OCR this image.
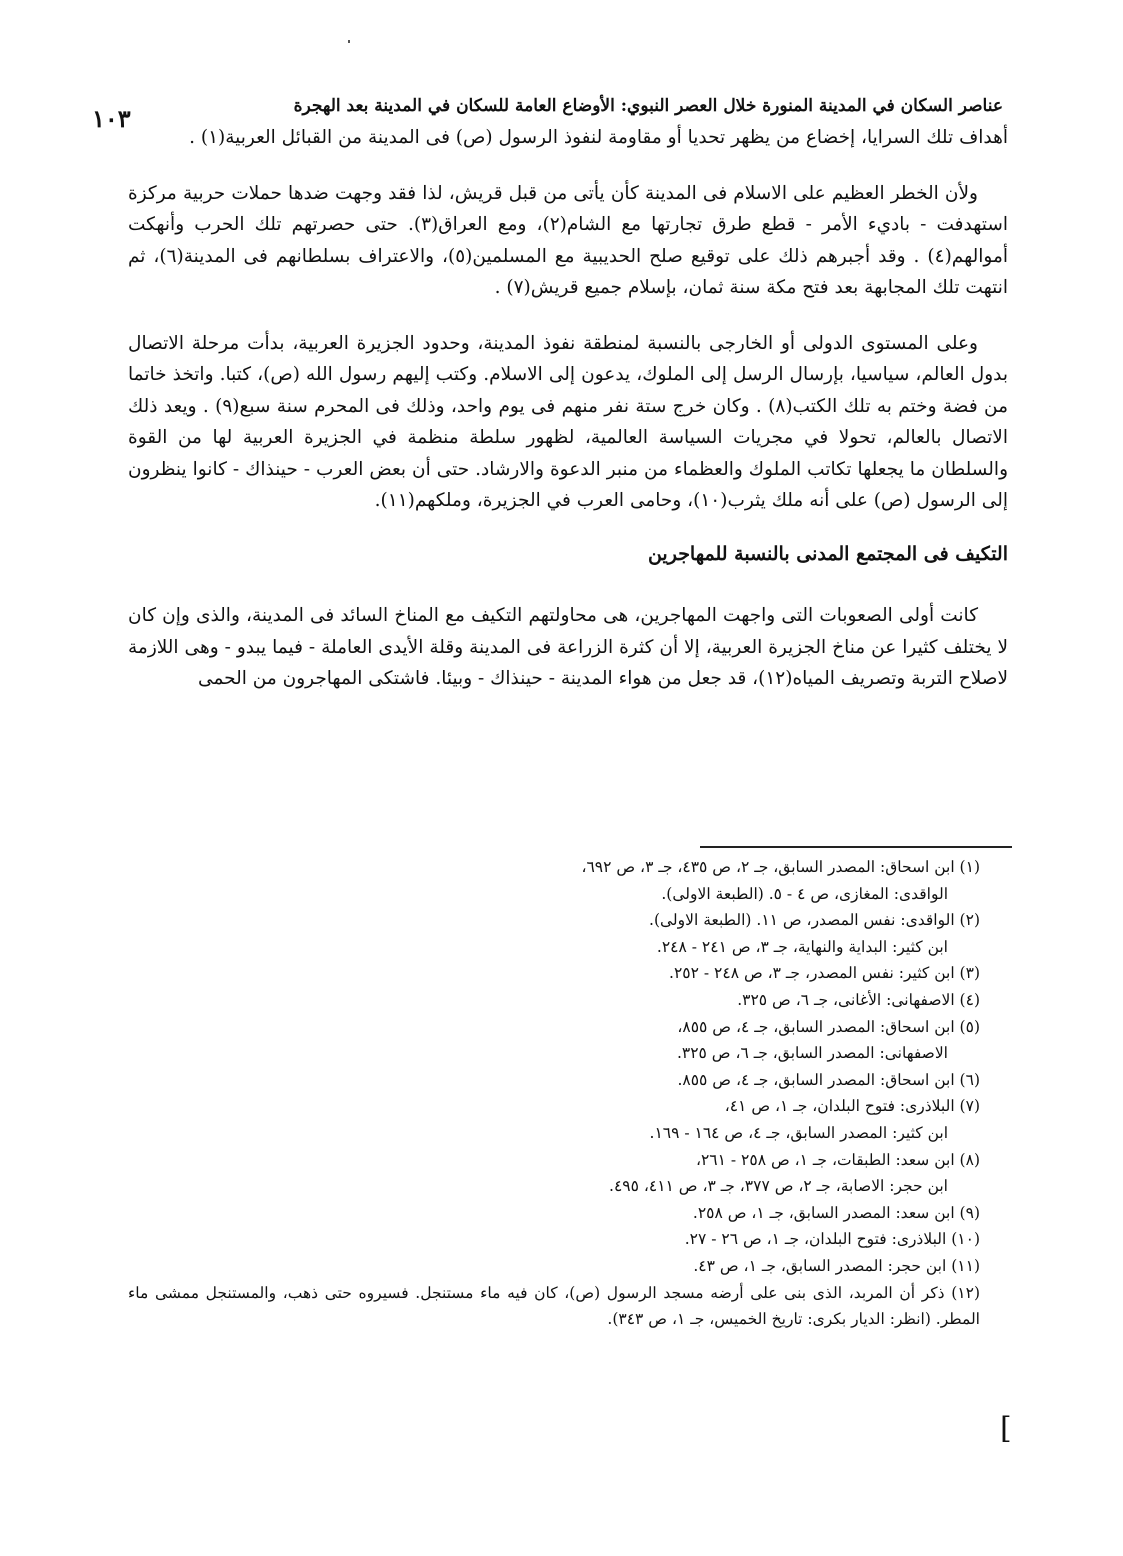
١٠٣	عناصر السكان في المدينة المنورة خلال العصر النبوي: الأوضاع العامة للسكان في المدينة بعد الهجرة

أهداف تلك السرايا، إخضاع من يظهر تحديا أو مقاومة لنفوذ الرسول (ص) فى المدينة من القبائل العربية(١) .

ولأن الخطر العظيم على الاسلام فى المدينة كأن يأتى من قبل قريش، لذا فقد وجهت ضدها حملات حربية مركزة استهدفت - باديء الأمر - قطع طرق تجارتها مع الشام(٢)، ومع العراق(٣). حتى حصرتهم تلك الحرب وأنهكت أموالهم(٤) . وقد أجبرهم ذلك على توقيع صلح الحديبية مع المسلمين(٥)، والاعتراف بسلطانهم فى المدينة(٦)، ثم انتهت تلك المجابهة بعد فتح مكة سنة ثمان، بإسلام جميع قريش(٧) .

وعلى المستوى الدولى أو الخارجى بالنسبة لمنطقة نفوذ المدينة، وحدود الجزيرة العربية، بدأت مرحلة الاتصال بدول العالم، سياسيا، بإرسال الرسل إلى الملوك، يدعون إلى الاسلام. وكتب إليهم رسول الله (ص)، كتبا. واتخذ خاتما من فضة وختم به تلك الكتب(٨) . وكان خرج ستة نفر منهم فى يوم واحد، وذلك فى المحرم سنة سبع(٩) . ويعد ذلك الاتصال بالعالم، تحولا في مجريات السياسة العالمية، لظهور سلطة منظمة في الجزيرة العربية لها من القوة والسلطان ما يجعلها تكاتب الملوك والعظماء من منبر الدعوة والارشاد. حتى أن بعض العرب - حينذاك - كانوا ينظرون إلى الرسول (ص) على أنه ملك يثرب(١٠)، وحامى العرب في الجزيرة، وملكهم(١١).

التكيف فى المجتمع المدنى بالنسبة للمهاجرين

كانت أولى الصعوبات التى واجهت المهاجرين، هى محاولتهم التكيف مع المناخ السائد فى المدينة، والذى وإن كان لا يختلف كثيرا عن مناخ الجزيرة العربية، إلا أن كثرة الزراعة فى المدينة وقلة الأيدى العاملة - فيما يبدو - وهى اللازمة لاصلاح التربة وتصريف المياه(١٢)، قد جعل من هواء المدينة - حينذاك - وبيئا. فاشتكى المهاجرون من الحمى

(١) ابن اسحاق: المصدر السابق، جـ ٢، ص ٤٣٥، جـ ٣، ص ٦٩٢،

الواقدى: المغازى، ص ٤ - ٥. (الطبعة الاولى).

(٢) الواقدى: نفس المصدر، ص ١١. (الطبعة الاولى).

ابن كثير: البداية والنهاية، جـ ٣، ص ٢٤١ - ٢٤٨.

(٣) ابن كثير: نفس المصدر، جـ ٣، ص ٢٤٨ - ٢٥٢.

(٤) الاصفهانى: الأغانى، جـ ٦، ص ٣٢٥.

(٥) ابن اسحاق: المصدر السابق، جـ ٤، ص ٨٥٥،

الاصفهانى: المصدر السابق، جـ ٦، ص ٣٢٥.

(٦) ابن اسحاق: المصدر السابق، جـ ٤، ص ٨٥٥.

(٧) البلاذرى: فتوح البلدان، جـ ١، ص ٤١،

ابن كثير: المصدر السابق، جـ ٤، ص ١٦٤ - ١٦٩.

(٨) ابن سعد: الطبقات، جـ ١، ص ٢٥٨ - ٢٦١،

ابن حجر: الاصابة، جـ ٢، ص ٣٧٧، جـ ٣، ص ٤١١، ٤٩٥.

(٩) ابن سعد: المصدر السابق، جـ ١، ص ٢٥٨.

(١٠) البلاذرى: فتوح البلدان، جـ ١، ص ٢٦ - ٢٧.

(١١) ابن حجر: المصدر السابق، جـ ١، ص ٤٣.

(١٢) ذكر أن المربد، الذى بنى على أرضه مسجد الرسول (ص)، كان فيه ماء مستنجل. فسيروه حتى ذهب، والمستنجل ممشى ماء المطر. (انظر: الديار بكرى: تاريخ الخميس، جـ ١، ص ٣٤٣).

[
